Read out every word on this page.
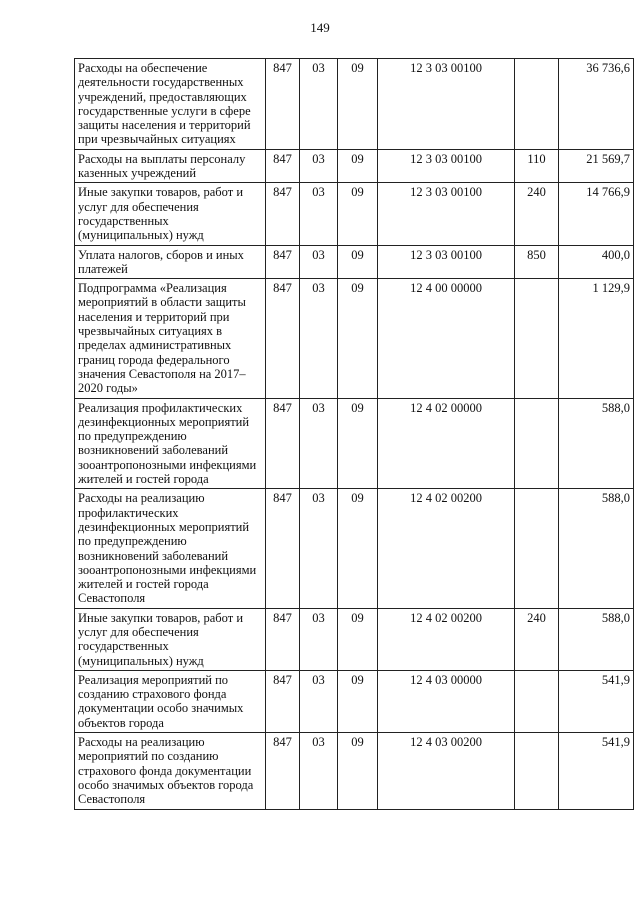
149
Расходы на обеспечение деятельности государственных учреждений, предоставляющих государственные услуги в сфере защиты населения и территорий при чрезвычайных ситуациях	847	03	09	12 3 03 00100		36 736,6
Расходы на выплаты персоналу казенных учреждений	847	03	09	12 3 03 00100	110	21 569,7
Иные закупки товаров, работ и услуг для обеспечения государственных (муниципальных) нужд	847	03	09	12 3 03 00100	240	14 766,9
Уплата налогов, сборов и иных платежей	847	03	09	12 3 03 00100	850	400,0
Подпрограмма «Реализация мероприятий в области защиты населения и территорий при чрезвычайных ситуациях в пределах административных границ города федерального значения Севастополя на 2017–2020 годы»	847	03	09	12 4 00 00000		1 129,9
Реализация профилактических дезинфекционных мероприятий по предупреждению возникновений заболеваний зооантропонозными инфекциями жителей и гостей города	847	03	09	12 4 02 00000		588,0
Расходы на реализацию профилактических дезинфекционных мероприятий по предупреждению возникновений заболеваний зооантропонозными инфекциями жителей и гостей города Севастополя	847	03	09	12 4 02 00200		588,0
Иные закупки товаров, работ и услуг для обеспечения государственных (муниципальных) нужд	847	03	09	12 4 02 00200	240	588,0
Реализация мероприятий по созданию страхового фонда документации особо значимых объектов города	847	03	09	12 4 03 00000		541,9
Расходы на реализацию мероприятий по созданию страхового фонда документации особо значимых объектов города Севастополя	847	03	09	12 4 03 00200		541,9
